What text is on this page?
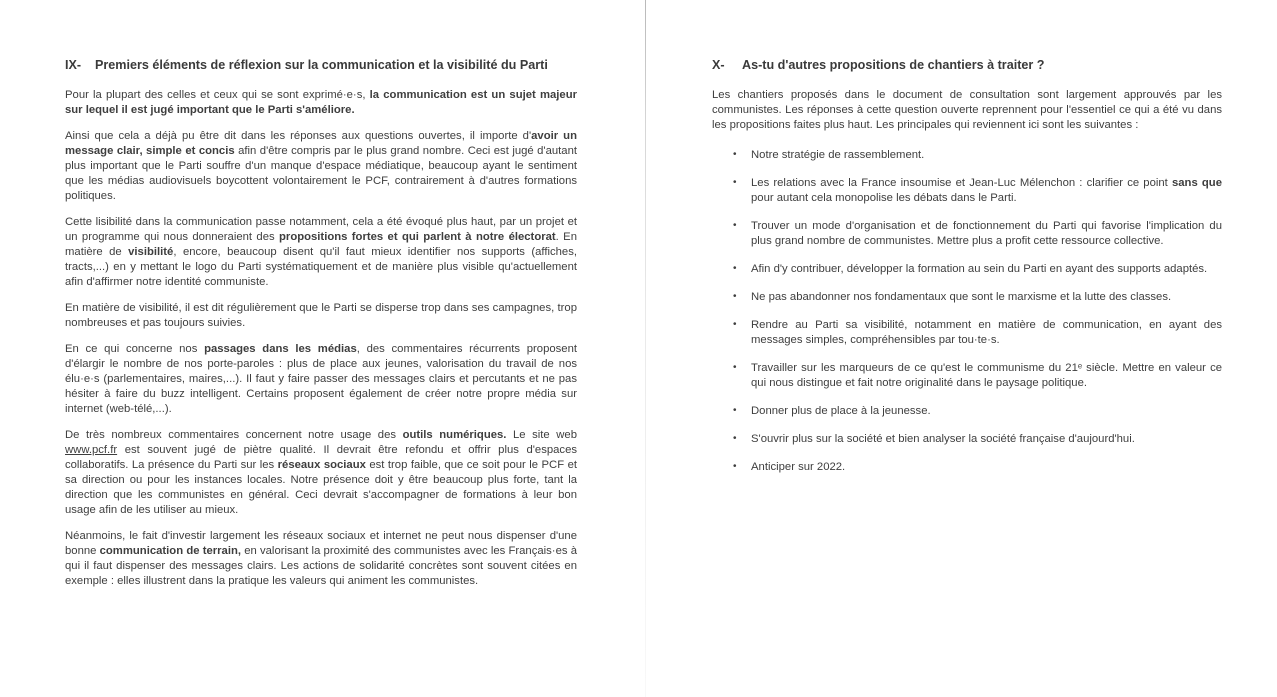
IX-	Premiers éléments de réflexion sur la communication et la visibilité du Parti

Pour la plupart des celles et ceux qui se sont exprimé·e·s, la communication est un sujet majeur sur lequel il est jugé important que le Parti s'améliore.

Ainsi que cela a déjà pu être dit dans les réponses aux questions ouvertes, il importe d'avoir un message clair, simple et concis afin d'être compris par le plus grand nombre. Ceci est jugé d'autant plus important que le Parti souffre d'un manque d'espace médiatique, beaucoup ayant le sentiment que les médias audiovisuels boycottent volontairement le PCF, contrairement à d'autres formations politiques.

Cette lisibilité dans la communication passe notamment, cela a été évoqué plus haut, par un projet et un programme qui nous donneraient des propositions fortes et qui parlent à notre électorat. En matière de visibilité, encore, beaucoup disent qu'il faut mieux identifier nos supports (affiches, tracts,...) en y mettant le logo du Parti systématiquement et de manière plus visible qu'actuellement afin d'affirmer notre identité communiste.

En matière de visibilité, il est dit régulièrement que le Parti se disperse trop dans ses campagnes, trop nombreuses et pas toujours suivies.

En ce qui concerne nos passages dans les médias, des commentaires récurrents proposent d'élargir le nombre de nos porte-paroles : plus de place aux jeunes, valorisation du travail de nos élu·e·s (parlementaires, maires,...). Il faut y faire passer des messages clairs et percutants et ne pas hésiter à faire du buzz intelligent. Certains proposent également de créer notre propre média sur internet (web-télé,...).

De très nombreux commentaires concernent notre usage des outils numériques. Le site web www.pcf.fr est souvent jugé de piètre qualité. Il devrait être refondu et offrir plus d'espaces collaboratifs. La présence du Parti sur les réseaux sociaux est trop faible, que ce soit pour le PCF et sa direction ou pour les instances locales. Notre présence doit y être beaucoup plus forte, tant la direction que les communistes en général. Ceci devrait s'accompagner de formations à leur bon usage afin de les utiliser au mieux.

Néanmoins, le fait d'investir largement les réseaux sociaux et internet ne peut nous dispenser d'une bonne communication de terrain, en valorisant la proximité des communistes avec les Français·es à qui il faut dispenser des messages clairs. Les actions de solidarité concrètes sont souvent citées en exemple : elles illustrent dans la pratique les valeurs qui animent les communistes.

X-	As-tu d'autres propositions de chantiers à traiter ?

Les chantiers proposés dans le document de consultation sont largement approuvés par les communistes. Les réponses à cette question ouverte reprennent pour l'essentiel ce qui a été vu dans les propositions faites plus haut. Les principales qui reviennent ici sont les suivantes :

• Notre stratégie de rassemblement.
• Les relations avec la France insoumise et Jean-Luc Mélenchon : clarifier ce point sans que pour autant cela monopolise les débats dans le Parti.
• Trouver un mode d'organisation et de fonctionnement du Parti qui favorise l'implication du plus grand nombre de communistes. Mettre plus a profit cette ressource collective.
• Afin d'y contribuer, développer la formation au sein du Parti en ayant des supports adaptés.
• Ne pas abandonner nos fondamentaux que sont le marxisme et la lutte des classes.
• Rendre au Parti sa visibilité, notamment en matière de communication, en ayant des messages simples, compréhensibles par tou·te·s.
• Travailler sur les marqueurs de ce qu'est le communisme du 21ᵉ siècle. Mettre en valeur ce qui nous distingue et fait notre originalité dans le paysage politique.
• Donner plus de place à la jeunesse.
• S'ouvrir plus sur la société et bien analyser la société française d'aujourd'hui.
• Anticiper sur 2022.
